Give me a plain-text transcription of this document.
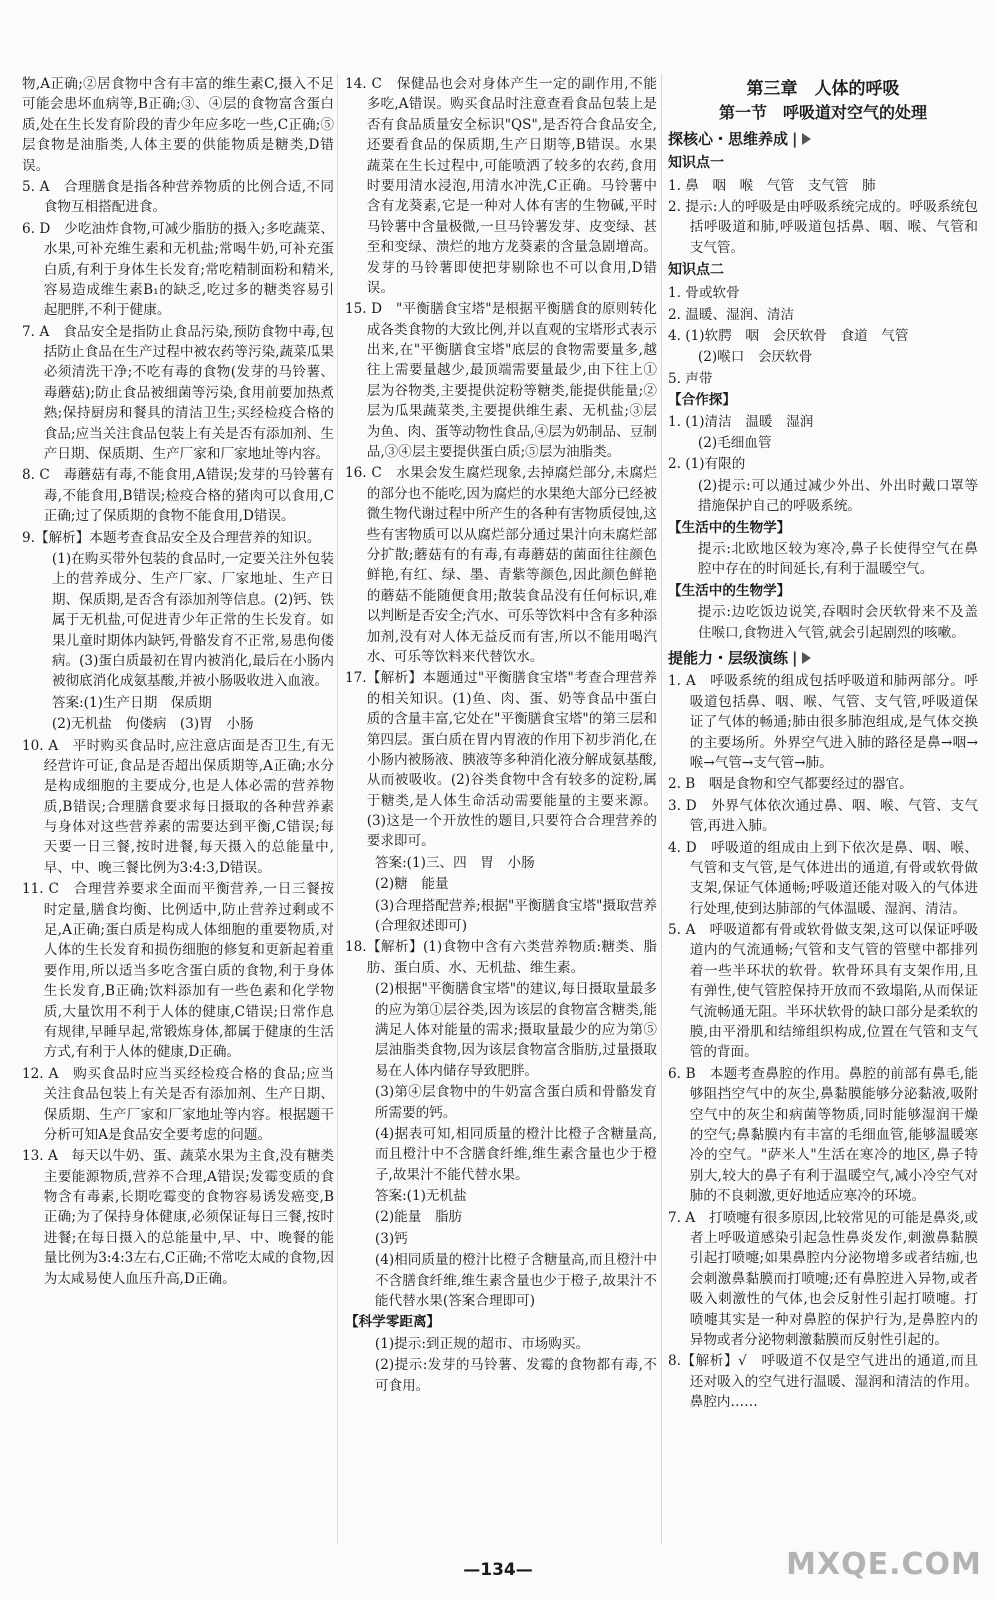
物,A正确;②居食物中含有丰富的维生素C,摄入不足可能会患坏血病等,B正确;③、④层的食物富含蛋白质,处在生长发育阶段的青少年应多吃一些,C正确;⑤层食物是油脂类,人体主要的供能物质是糖类,D错误。

5. A　合理膳食是指各种营养物质的比例合适,不同食物互相搭配进食。

6. D　少吃油炸食物,可减少脂肪的摄入;多吃蔬菜、水果,可补充维生素和无机盐;常喝牛奶,可补充蛋白质,有利于身体生长发育;常吃精制面粉和精米,容易造成维生素B₁的缺乏,吃过多的糖类容易引起肥胖,不利于健康。

7. A　食品安全是指防止食品污染,预防食物中毒,包括防止食品在生产过程中被农药等污染,蔬菜瓜果必须清洗干净;不吃有毒的食物(发芽的马铃薯、毒蘑菇);防止食品被细菌等污染,食用前要加热煮熟;保持厨房和餐具的清洁卫生;买经检疫合格的食品;应当关注食品包装上有关是否有添加剂、生产日期、保质期、生产厂家和厂家地址等内容。

8. C　毒蘑菇有毒,不能食用,A错误;发芽的马铃薯有毒,不能食用,B错误;检疫合格的猪肉可以食用,C正确;过了保质期的食物不能食用,D错误。

9.【解析】本题考查食品安全及合理营养的知识。

(1)在购买带外包装的食品时,一定要关注外包装上的营养成分、生产厂家、厂家地址、生产日期、保质期,是否含有添加剂等信息。(2)钙、铁属于无机盐,可促进青少年正常的生长发育。如果儿童时期体内缺钙,骨骼发育不正常,易患佝偻病。(3)蛋白质最初在胃内被消化,最后在小肠内被彻底消化成氨基酸,并被小肠吸收进入血液。

答案:(1)生产日期　保质期

(2)无机盐　佝偻病　(3)胃　小肠

10. A　平时购买食品时,应注意店面是否卫生,有无经营许可证,食品是否超出保质期等,A正确;水分是构成细胞的主要成分,也是人体必需的营养物质,B错误;合理膳食要求每日摄取的各种营养素与身体对这些营养素的需要达到平衡,C错误;每天要一日三餐,按时进餐,每天摄入的总能量中,早、中、晚三餐比例为3:4:3,D错误。

11. C　合理营养要求全面而平衡营养,一日三餐按时定量,膳食均衡、比例适中,防止营养过剩或不足,A正确;蛋白质是构成人体细胞的重要物质,对人体的生长发育和损伤细胞的修复和更新起着重要作用,所以适当多吃含蛋白质的食物,利于身体生长发育,B正确;饮料添加有一些色素和化学物质,大量饮用不利于人体的健康,C错误;日常作息有规律,早睡早起,常锻炼身体,都属于健康的生活方式,有利于人体的健康,D正确。

12. A　购买食品时应当买经检疫合格的食品;应当关注食品包装上有关是否有添加剂、生产日期、保质期、生产厂家和厂家地址等内容。根据题干分析可知A是食品安全要考虑的问题。

13. A　每天以牛奶、蛋、蔬菜水果为主食,没有糖类主要能源物质,营养不合理,A错误;发霉变质的食物含有毒素,长期吃霉变的食物容易诱发癌变,B正确;为了保持身体健康,必须保证每日三餐,按时进餐;在每日摄入的总能量中,早、中、晚餐的能量比例为3:4:3左右,C正确;不常吃太咸的食物,因为太咸易使人血压升高,D正确。

14. C　保健品也会对身体产生一定的副作用,不能多吃,A错误。购买食品时注意查看食品包装上是否有食品质量安全标识"QS",是否符合食品安全,还要看食品的保质期,生产日期等,B错误。水果蔬菜在生长过程中,可能喷洒了较多的农药,食用时要用清水浸泡,用清水冲洗,C正确。马铃薯中含有龙葵素,它是一种对人体有害的生物碱,平时马铃薯中含量极微,一旦马铃薯发芽、皮变绿、甚至和变绿、溃烂的地方龙葵素的含量急剧增高。发芽的马铃薯即使把芽剔除也不可以食用,D错误。

15. D　"平衡膳食宝塔"是根据平衡膳食的原则转化成各类食物的大致比例,并以直观的宝塔形式表示出来,在"平衡膳食宝塔"底层的食物需要量多,越往上需要量越少,最顶端需要量最少,由下往上①层为谷物类,主要提供淀粉等糖类,能提供能量;②层为瓜果蔬菜类,主要提供维生素、无机盐;③层为鱼、肉、蛋等动物性食品,④层为奶制品、豆制品,③④层主要提供蛋白质;⑤层为油脂类。

16. C　水果会发生腐烂现象,去掉腐烂部分,未腐烂的部分也不能吃,因为腐烂的水果绝大部分已经被微生物代谢过程中所产生的各种有害物质侵蚀,这些有害物质可以从腐烂部分通过果汁向未腐烂部分扩散;蘑菇有的有毒,有毒蘑菇的菌面往往颜色鲜艳,有红、绿、墨、青紫等颜色,因此颜色鲜艳的蘑菇不能随便食用;散装食品没有任何标识,难以判断是否安全;汽水、可乐等饮料中含有多种添加剂,没有对人体无益反而有害,所以不能用喝汽水、可乐等饮料来代替饮水。

17.【解析】本题通过"平衡膳食宝塔"考查合理营养的相关知识。(1)鱼、肉、蛋、奶等食品中蛋白质的含量丰富,它处在"平衡膳食宝塔"的第三层和第四层。蛋白质在胃内胃液的作用下初步消化,在小肠内被肠液、胰液等多种消化液分解成氨基酸,从而被吸收。(2)谷类食物中含有较多的淀粉,属于糖类,是人体生命活动需要能量的主要来源。(3)这是一个开放性的题目,只要符合合理营养的要求即可。

答案:(1)三、四　胃　小肠

(2)糖　能量

(3)合理搭配营养;根据"平衡膳食宝塔"摄取营养(合理叙述即可)

18.【解析】(1)食物中含有六类营养物质:糖类、脂肪、蛋白质、水、无机盐、维生素。

(2)根据"平衡膳食宝塔"的建议,每日摄取量最多的应为第①层谷类,因为该层的食物富含糖类,能满足人体对能量的需求;摄取量最少的应为第⑤层油脂类食物,因为该层食物富含脂肪,过量摄取易在人体内储存导致肥胖。

(3)第④层食物中的牛奶富含蛋白质和骨骼发育所需要的钙。

(4)据表可知,相同质量的橙汁比橙子含糖量高,而且橙汁中不含膳食纤维,维生素含量也少于橙子,故果汁不能代替水果。

答案:(1)无机盐

(2)能量　脂肪

(3)钙

(4)相同质量的橙汁比橙子含糖量高,而且橙汁中不含膳食纤维,维生素含量也少于橙子,故果汁不能代替水果(答案合理即可)

【科学零距离】

(1)提示:到正规的超市、市场购买。

(2)提示:发芽的马铃薯、发霉的食物都有毒,不可食用。

第三章　人体的呼吸

第一节　呼吸道对空气的处理

探核心・思维养成 |

知识点一

1. 鼻　咽　喉　气管　支气管　肺

2. 提示:人的呼吸是由呼吸系统完成的。呼吸系统包括呼吸道和肺,呼吸道包括鼻、咽、喉、气管和支气管。

知识点二

1. 骨或软骨

2. 温暖、湿润、清洁

4. (1)软腭　咽　会厌软骨　食道　气管

(2)喉口　会厌软骨

5. 声带

【合作探】

1. (1)清洁　温暖　湿润

(2)毛细血管

2. (1)有限的

(2)提示:可以通过减少外出、外出时戴口罩等措施保护自己的呼吸系统。

【生活中的生物学】

提示:北欧地区较为寒冷,鼻子长使得空气在鼻腔中存在的时间延长,有利于温暖空气。

【生活中的生物学】

提示:边吃饭边说笑,吞咽时会厌软骨来不及盖住喉口,食物进入气管,就会引起剧烈的咳嗽。

提能力・层级演练 |

1. A　呼吸系统的组成包括呼吸道和肺两部分。呼吸道包括鼻、咽、喉、气管、支气管,呼吸道保证了气体的畅通;肺由很多肺泡组成,是气体交换的主要场所。外界空气进入肺的路径是鼻→咽→喉→气管→支气管→肺。

2. B　咽是食物和空气都要经过的器官。

3. D　外界气体依次通过鼻、咽、喉、气管、支气管,再进入肺。

4. D　呼吸道的组成由上到下依次是鼻、咽、喉、气管和支气管,是气体进出的通道,有骨或软骨做支架,保证气体通畅;呼吸道还能对吸入的气体进行处理,使到达肺部的气体温暖、湿润、清洁。

5. A　呼吸道都有骨或软骨做支架,这可以保证呼吸道内的气流通畅;气管和支气管的管壁中都排列着一些半环状的软骨。软骨环具有支架作用,且有弹性,使气管腔保持开放而不致塌陷,从而保证气流畅通无阻。半环状软骨的缺口部分是柔软的膜,由平滑肌和结缔组织构成,位置在气管和支气管的背面。

6. B　本题考查鼻腔的作用。鼻腔的前部有鼻毛,能够阻挡空气中的灰尘,鼻黏膜能够分泌黏液,吸附空气中的灰尘和病菌等物质,同时能够湿润干燥的空气;鼻黏膜内有丰富的毛细血管,能够温暖寒冷的空气。"萨米人"生活在寒冷的地区,鼻子特别大,较大的鼻子有利于温暖空气,减小冷空气对肺的不良刺激,更好地适应寒冷的环境。

7. A　打喷嚏有很多原因,比较常见的可能是鼻炎,或者上呼吸道感染引起急性鼻炎发作,刺激鼻黏膜引起打喷嚏;如果鼻腔内分泌物增多或者结痂,也会刺激鼻黏膜而打喷嚏;还有鼻腔进入异物,或者吸入刺激性的气体,也会反射性引起打喷嚏。打喷嚏其实是一种对鼻腔的保护行为,是鼻腔内的异物或者分泌物刺激黏膜而反射性引起的。

8.【解析】√　呼吸道不仅是空气进出的通道,而且还对吸入的空气进行温暖、湿润和清洁的作用。鼻腔内……

—134—	MXQE.COM
